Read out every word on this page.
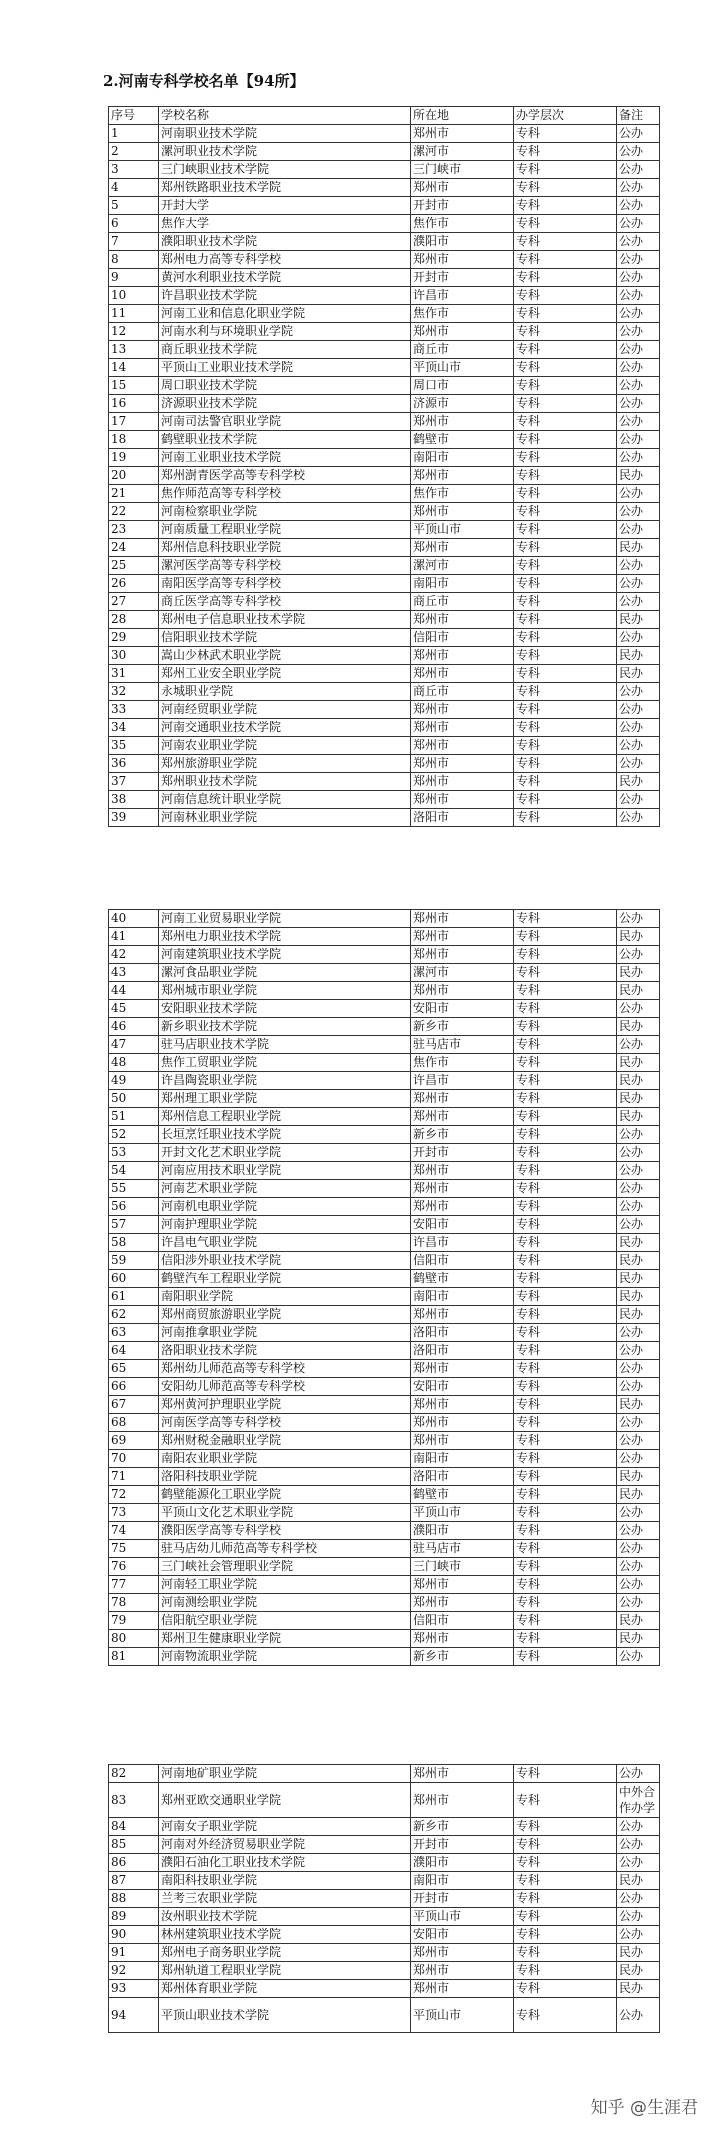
2.河南专科学校名单【94所】
序号	学校名称	所在地	办学层次	备注
1	河南职业技术学院	郑州市	专科	公办
2	漯河职业技术学院	漯河市	专科	公办
3	三门峡职业技术学院	三门峡市	专科	公办
4	郑州铁路职业技术学院	郑州市	专科	公办
5	开封大学	开封市	专科	公办
6	焦作大学	焦作市	专科	公办
7	濮阳职业技术学院	濮阳市	专科	公办
8	郑州电力高等专科学校	郑州市	专科	公办
9	黄河水利职业技术学院	开封市	专科	公办
10	许昌职业技术学院	许昌市	专科	公办
11	河南工业和信息化职业学院	焦作市	专科	公办
12	河南水利与环境职业学院	郑州市	专科	公办
13	商丘职业技术学院	商丘市	专科	公办
14	平顶山工业职业技术学院	平顶山市	专科	公办
15	周口职业技术学院	周口市	专科	公办
16	济源职业技术学院	济源市	专科	公办
17	河南司法警官职业学院	郑州市	专科	公办
18	鹤壁职业技术学院	鹤壁市	专科	公办
19	河南工业职业技术学院	南阳市	专科	公办
20	郑州澍青医学高等专科学校	郑州市	专科	民办
21	焦作师范高等专科学校	焦作市	专科	公办
22	河南检察职业学院	郑州市	专科	公办
23	河南质量工程职业学院	平顶山市	专科	公办
24	郑州信息科技职业学院	郑州市	专科	民办
25	漯河医学高等专科学校	漯河市	专科	公办
26	南阳医学高等专科学校	南阳市	专科	公办
27	商丘医学高等专科学校	商丘市	专科	公办
28	郑州电子信息职业技术学院	郑州市	专科	民办
29	信阳职业技术学院	信阳市	专科	公办
30	嵩山少林武术职业学院	郑州市	专科	民办
31	郑州工业安全职业学院	郑州市	专科	民办
32	永城职业学院	商丘市	专科	公办
33	河南经贸职业学院	郑州市	专科	公办
34	河南交通职业技术学院	郑州市	专科	公办
35	河南农业职业学院	郑州市	专科	公办
36	郑州旅游职业学院	郑州市	专科	公办
37	郑州职业技术学院	郑州市	专科	民办
38	河南信息统计职业学院	郑州市	专科	公办
39	河南林业职业学院	洛阳市	专科	公办
40	河南工业贸易职业学院	郑州市	专科	公办
41	郑州电力职业技术学院	郑州市	专科	民办
42	河南建筑职业技术学院	郑州市	专科	公办
43	漯河食品职业学院	漯河市	专科	民办
44	郑州城市职业学院	郑州市	专科	民办
45	安阳职业技术学院	安阳市	专科	公办
46	新乡职业技术学院	新乡市	专科	民办
47	驻马店职业技术学院	驻马店市	专科	公办
48	焦作工贸职业学院	焦作市	专科	民办
49	许昌陶瓷职业学院	许昌市	专科	民办
50	郑州理工职业学院	郑州市	专科	民办
51	郑州信息工程职业学院	郑州市	专科	民办
52	长垣烹饪职业技术学院	新乡市	专科	公办
53	开封文化艺术职业学院	开封市	专科	公办
54	河南应用技术职业学院	郑州市	专科	公办
55	河南艺术职业学院	郑州市	专科	公办
56	河南机电职业学院	郑州市	专科	公办
57	河南护理职业学院	安阳市	专科	公办
58	许昌电气职业学院	许昌市	专科	民办
59	信阳涉外职业技术学院	信阳市	专科	民办
60	鹤壁汽车工程职业学院	鹤壁市	专科	民办
61	南阳职业学院	南阳市	专科	民办
62	郑州商贸旅游职业学院	郑州市	专科	民办
63	河南推拿职业学院	洛阳市	专科	公办
64	洛阳职业技术学院	洛阳市	专科	公办
65	郑州幼儿师范高等专科学校	郑州市	专科	公办
66	安阳幼儿师范高等专科学校	安阳市	专科	公办
67	郑州黄河护理职业学院	郑州市	专科	民办
68	河南医学高等专科学校	郑州市	专科	公办
69	郑州财税金融职业学院	郑州市	专科	公办
70	南阳农业职业学院	南阳市	专科	公办
71	洛阳科技职业学院	洛阳市	专科	民办
72	鹤壁能源化工职业学院	鹤壁市	专科	民办
73	平顶山文化艺术职业学院	平顶山市	专科	公办
74	濮阳医学高等专科学校	濮阳市	专科	公办
75	驻马店幼儿师范高等专科学校	驻马店市	专科	公办
76	三门峡社会管理职业学院	三门峡市	专科	公办
77	河南轻工职业学院	郑州市	专科	公办
78	河南测绘职业学院	郑州市	专科	公办
79	信阳航空职业学院	信阳市	专科	民办
80	郑州卫生健康职业学院	郑州市	专科	民办
81	河南物流职业学院	新乡市	专科	公办
82	河南地矿职业学院	郑州市	专科	公办
83	郑州亚欧交通职业学院	郑州市	专科	中外合作办学
84	河南女子职业学院	新乡市	专科	公办
85	河南对外经济贸易职业学院	开封市	专科	公办
86	濮阳石油化工职业技术学院	濮阳市	专科	公办
87	南阳科技职业学院	南阳市	专科	民办
88	兰考三农职业学院	开封市	专科	公办
89	汝州职业技术学院	平顶山市	专科	公办
90	林州建筑职业技术学院	安阳市	专科	公办
91	郑州电子商务职业学院	郑州市	专科	民办
92	郑州轨道工程职业学院	郑州市	专科	民办
93	郑州体育职业学院	郑州市	专科	民办
94	平顶山职业技术学院	平顶山市	专科	公办
知乎 @生涯君
